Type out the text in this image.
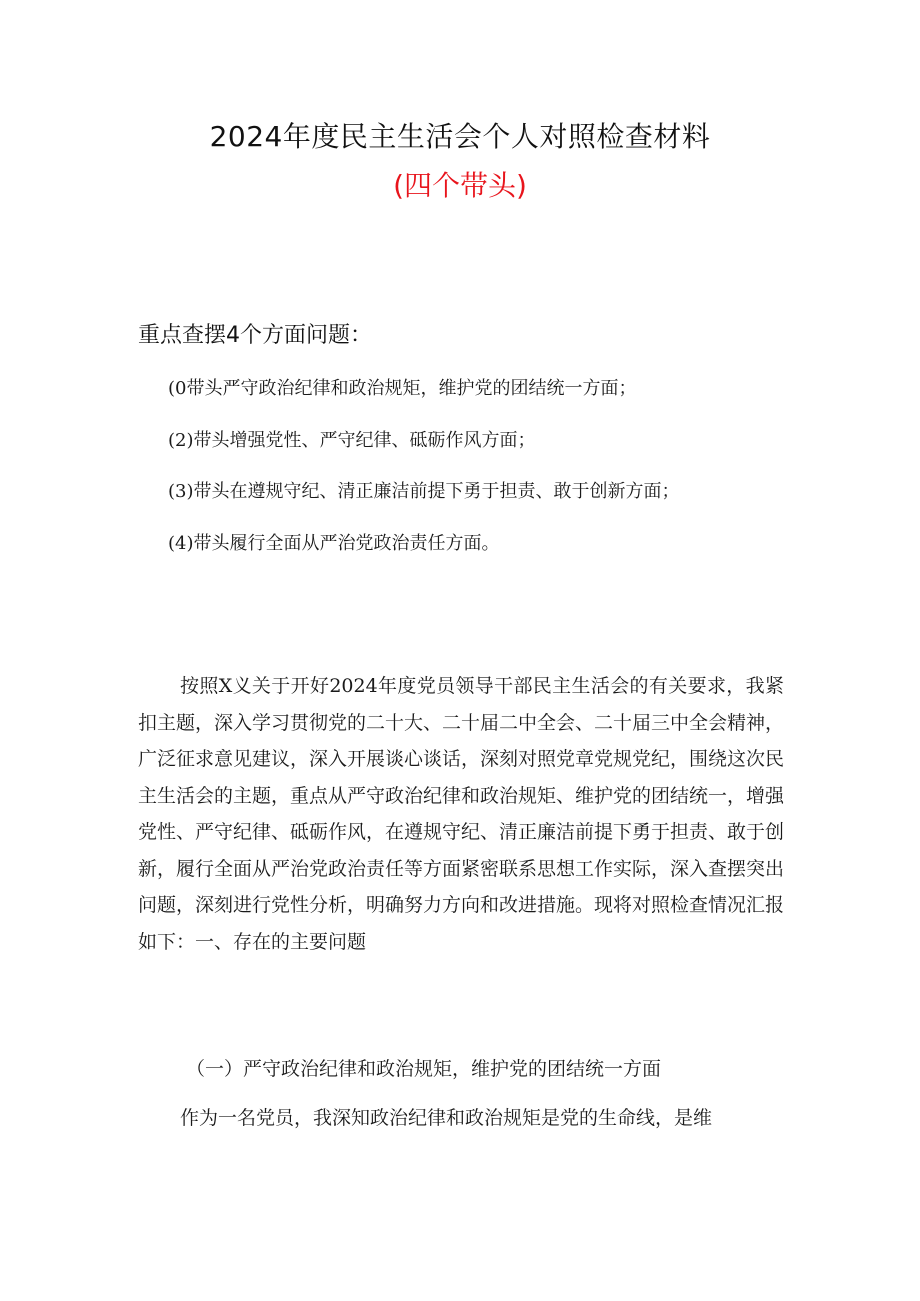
2024年度民主生活会个人对照检查材料
(四个带头)
重点查摆4个方面问题：
(0带头严守政治纪律和政治规矩，维护党的团结统一方面；
(2)带头增强党性、严守纪律、砥砺作风方面；
(3)带头在遵规守纪、清正廉洁前提下勇于担责、敢于创新方面；
(4)带头履行全面从严治党政治责任方面。

按照X义关于开好2024年度党员领导干部民主生活会的有关要求，我紧扣主题，深入学习贯彻党的二十大、二十届二中全会、二十届三中全会精神，广泛征求意见建议，深入开展谈心谈话，深刻对照党章党规党纪，围绕这次民主生活会的主题，重点从严守政治纪律和政治规矩、维护党的团结统一，增强党性、严守纪律、砥砺作风，在遵规守纪、清正廉洁前提下勇于担责、敢于创新，履行全面从严治党政治责任等方面紧密联系思想工作实际，深入查摆突出问题，深刻进行党性分析，明确努力方向和改进措施。现将对照检查情况汇报如下：一、存在的主要问题

（一）严守政治纪律和政治规矩，维护党的团结统一方面

作为一名党员，我深知政治纪律和政治规矩是党的生命线，是维
